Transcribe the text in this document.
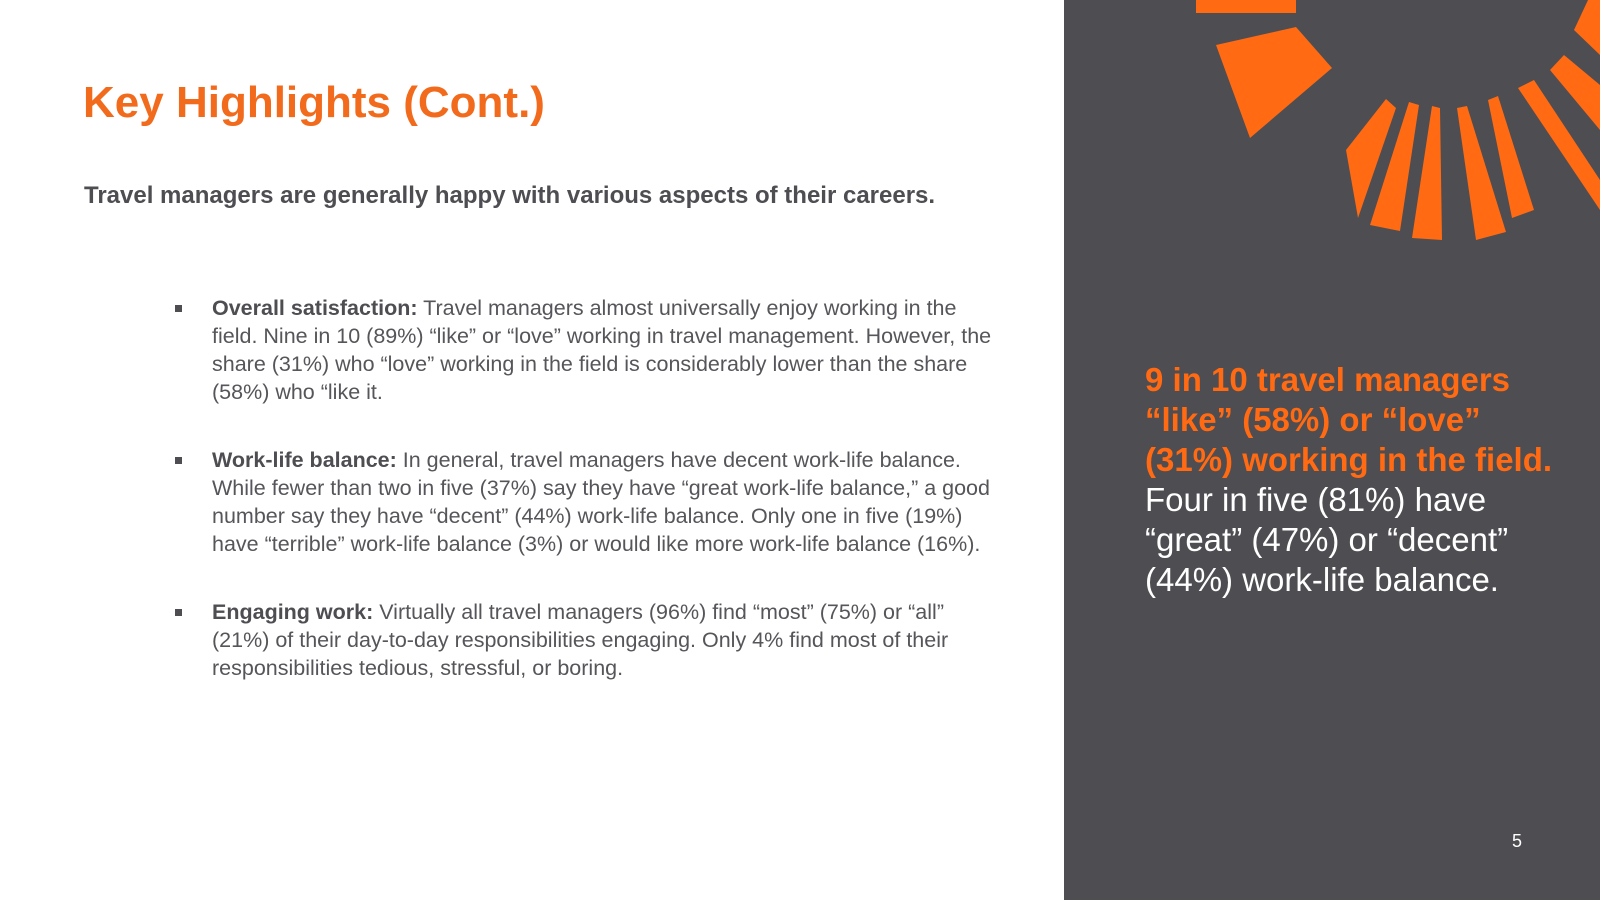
Key Highlights (Cont.)

Travel managers are generally happy with various aspects of their careers.

Overall satisfaction: Travel managers almost universally enjoy working in the field. Nine in 10 (89%) “like” or “love” working in travel management. However, the share (31%) who “love” working in the field is considerably lower than the share (58%) who “like it.
Work-life balance: In general, travel managers have decent work-life balance. While fewer than two in five (37%) say they have “great work-life balance,” a good number say they have “decent” (44%) work-life balance. Only one in five (19%) have “terrible” work-life balance (3%) or would like more work-life balance (16%).
Engaging work: Virtually all travel managers (96%) find “most” (75%) or “all” (21%) of their day-to-day responsibilities engaging. Only 4% find most of their responsibilities tedious, stressful, or boring.

9 in 10 travel managers “like” (58%) or “love” (31%) working in the field.
Four in five (81%) have “great” (47%) or “decent” (44%) work-life balance.

5
